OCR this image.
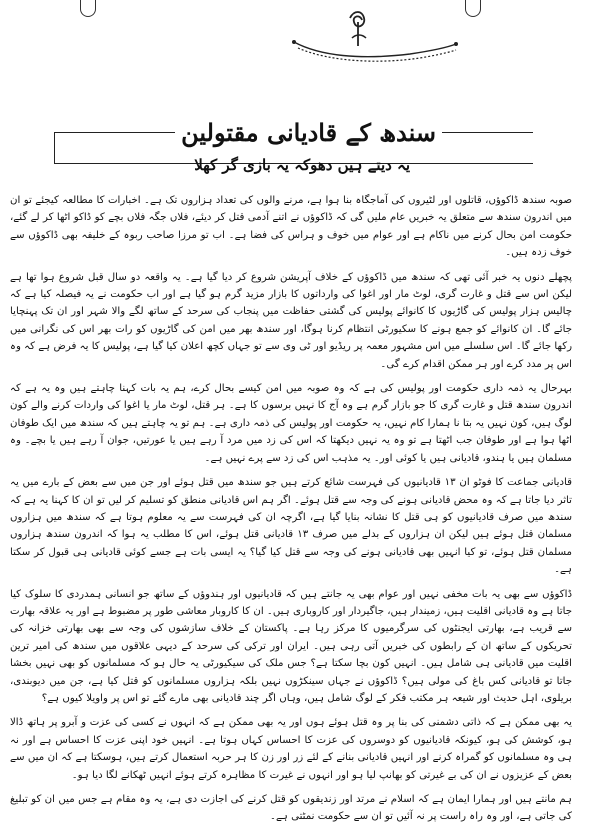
سندھ کے قادیانی مقتولین
یہ دیتے ہیں دھوکہ یہ بازی گر کھلا

صوبہ سندھ ڈاکوؤں، قاتلوں اور لٹیروں کی آماجگاہ بنا ہوا ہے، مرنے والوں کی تعداد ہزاروں تک ہے۔ اخبارات کا مطالعہ کیجئے تو ان میں اندرون سندھ سے متعلق یہ خبریں عام ملیں گی کہ ڈاکوؤں نے اتنے آدمی قتل کر دیئے، فلاں جگہ فلاں بچے کو ڈاکو اٹھا کر لے گئے، حکومت امن بحال کرنے میں ناکام ہے اور عوام میں خوف و ہراس کی فضا ہے۔ اب تو مرزا صاحب ربوہ کے خلیفہ بھی ڈاکوؤں سے خوف زدہ ہیں۔

پچھلے دنوں یہ خبر آئی تھی کہ سندھ میں ڈاکوؤں کے خلاف آپریشن شروع کر دیا گیا ہے۔ یہ واقعہ دو سال قبل شروع ہوا تھا ہے لیکن اس سے قتل و غارت گری، لوٹ مار اور اغوا کی وارداتوں کا بازار مزید گرم ہو گیا ہے اور اب حکومت نے یہ فیصلہ کیا ہے کہ چالیس ہزار پولیس کی گاڑیوں کا کانوائے پولیس کی گشتی حفاظت میں پنجاب کی سرحد کے ساتھ لگے والا شہر اور ان تک پہنچایا جائے گا۔ ان کانوائے کو جمع ہونے کا سکیورٹی انتظام کرنا ہوگا، اور سندھ بھر میں امن کی گاڑیوں کو رات بھر اس کی نگرانی میں رکھا جائے گا۔ اس سلسلے میں اس مشہور معمہ پر ریڈیو اور ٹی وی سے تو جہاں کچھ اعلان کیا گیا ہے، پولیس کا یہ فرض ہے کہ وہ اس پر مدد کرے اور ہر ممکن اقدام کرے گی۔

بہرحال یہ ذمہ داری حکومت اور پولیس کی ہے کہ وہ صوبہ میں امن کیسے بحال کرے، ہم یہ بات کہنا چاہتے ہیں وہ یہ ہے کہ اندرون سندھ قتل و غارت گری کا جو بازار گرم ہے وہ آج کا نہیں برسوں کا ہے۔ ہر قتل، لوٹ مار یا اغوا کی واردات کرنے والے کون لوگ ہیں، کون نہیں یہ بتا نا ہمارا کام نہیں، یہ حکومت اور پولیس کی ذمہ داری ہے۔ ہم تو یہ چاہتے ہیں کہ سندھ میں ایک طوفان اٹھا ہوا ہے اور طوفان جب اٹھتا ہے تو وہ یہ نہیں دیکھتا کہ اس کی زد میں مرد آ رہے ہیں یا عورتیں، جوان آ رہے ہیں یا بچے۔ وہ مسلمان ہیں یا ہندو، قادیانی ہیں یا کوئی اور۔ یہ مذہب اس کی زد سے پرے نہیں ہے۔

قادیانی جماعت کا فوٹو ان ۱۳ قادیانیوں کی فہرست شائع کرتے ہیں جو سندھ میں قتل ہوئے اور جن میں سے بعض کے بارے میں یہ تاثر دیا جاتا ہے کہ وہ محض قادیانی ہونے کی وجہ سے قتل ہوئے۔ اگر ہم اس قادیانی منطق کو تسلیم کر لیں تو ان کا کہنا یہ ہے کہ سندھ میں صرف قادیانیوں کو ہی قتل کا نشانہ بنایا گیا ہے، اگرچہ ان کی فہرست سے یہ معلوم ہوتا ہے کہ سندھ میں ہزاروں مسلمان قتل ہوئے ہیں لیکن ان ہزاروں کے بدلے میں صرف ۱۳ قادیانی قتل ہوئے، اس کا مطلب یہ ہوا کہ اندرون سندھ ہزاروں مسلمان قتل ہوئے، تو کیا انہیں بھی قادیانی ہونے کی وجہ سے قتل کیا گیا؟ یہ ایسی بات ہے جسے کوئی قادیانی ہی قبول کر سکتا ہے۔

ڈاکوؤں سے بھی یہ بات مخفی نہیں اور عوام بھی یہ جانتے ہیں کہ قادیانیوں اور ہندوؤں کے ساتھ جو انسانی ہمدردی کا سلوک کیا جاتا ہے وہ قادیانی اقلیت ہیں، زمیندار ہیں، جاگیردار اور کاروباری ہیں۔ ان کا کاروبار معاشی طور پر مضبوط ہے اور یہ علاقہ بھارت سے قریب ہے، بھارتی ایجنٹوں کی سرگرمیوں کا مرکز رہا ہے۔ پاکستان کے خلاف سازشوں کی وجہ سے بھی بھارتی خزانہ کی تحریکوں کے ساتھ ان کے رابطوں کی خبریں آتی رہی ہیں۔ ایران اور ترکی کی سرحد کے دیہی علاقوں میں سندھ کی امیر ترین اقلیت میں قادیانی ہی شامل ہیں۔ انہیں کون بچا سکتا ہے؟ جس ملک کی سیکیورٹی یہ حال ہو کہ مسلمانوں کو بھی نہیں بخشا جاتا تو قادیانی کس باغ کی مولی ہیں؟ ڈاکوؤں نے جہاں سینکڑوں نہیں بلکہ ہزاروں مسلمانوں کو قتل کیا ہے، جن میں دیوبندی، بریلوی، اہل حدیث اور شیعہ ہر مکتب فکر کے لوگ شامل ہیں، وہاں اگر چند قادیانی بھی مارے گئے تو اس پر واویلا کیوں ہے؟

یہ بھی ممکن ہے کہ ذاتی دشمنی کی بنا پر وہ قتل ہوئے ہوں اور یہ بھی ممکن ہے کہ انہوں نے کسی کی عزت و آبرو پر ہاتھ ڈالا ہو، کوشش کی ہو، کیونکہ قادیانیوں کو دوسروں کی عزت کا احساس کہاں ہوتا ہے۔ انہیں خود اپنی عزت کا احساس ہے اور نہ ہی وہ مسلمانوں کو گمراہ کرنے اور انہیں قادیانی بنانے کے لئے زر اور زن کا ہر حربہ استعمال کرتے ہیں، ہوسکتا ہے کہ ان میں سے بعض کے عزیزوں نے ان کی بے غیرتی کو بھانپ لیا ہو اور انہوں نے غیرت کا مظاہرہ کرتے ہوئے انہیں ٹھکانے لگا دیا ہو۔

ہم مانتے ہیں اور ہمارا ایمان ہے کہ اسلام نے مرتد اور زندیقوں کو قتل کرنے کی اجازت دی ہے، یہ وہ مقام ہے جس میں ان کو تبلیغ کی جاتی ہے، اور وہ راہ راست پر نہ آئیں تو ان سے حکومت نمٹتی ہے۔
